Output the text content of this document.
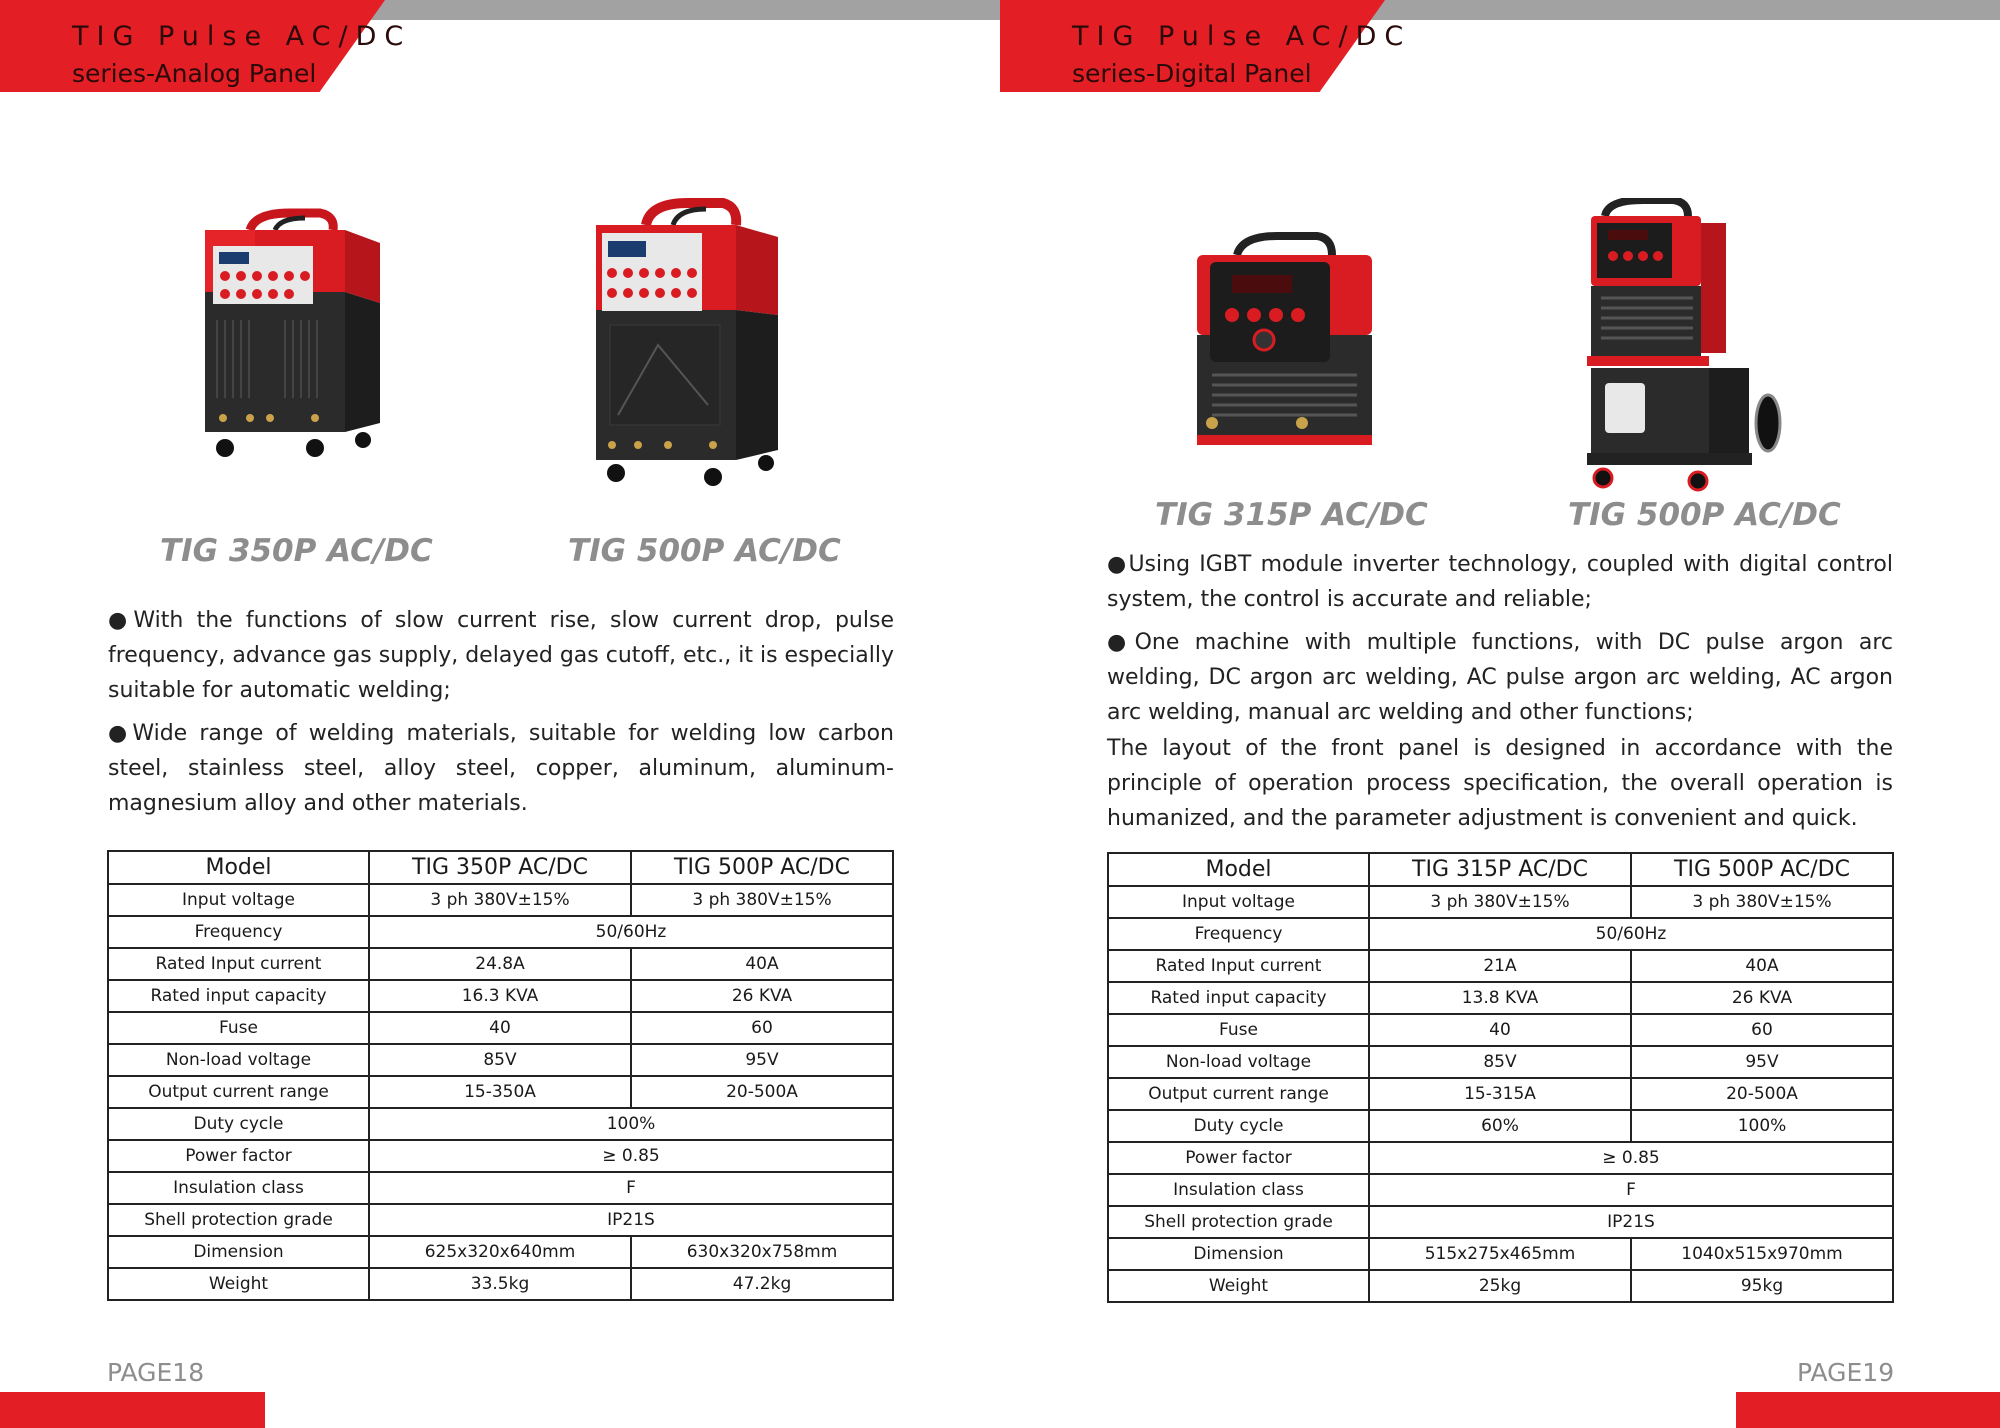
TIG Pulse AC/DC
series-Analog Panel
TIG 350P AC/DC	TIG 500P AC/DC
●With the functions of slow current rise, slow current drop, pulse frequency, advance gas supply, delayed gas cutoff, etc., it is especially suitable for automatic welding;
●Wide range of welding materials, suitable for welding low carbon steel, stainless steel, alloy steel, copper, aluminum, aluminum-magnesium alloy and other materials.
Model	TIG 350P AC/DC	TIG 500P AC/DC
Input voltage	3 ph 380V±15%	3 ph 380V±15%
Frequency	50/60Hz	
Rated Input current	24.8A	40A
Rated input capacity	16.3 KVA	26 KVA
Fuse	40	60
Non-load voltage	85V	95V
Output current range	15-350A	20-500A
Duty cycle	100%	
Power factor	≥ 0.85	
Insulation class	F	
Shell protection grade	IP21S	
Dimension	625x320x640mm	630x320x758mm
Weight	33.5kg	47.2kg
PAGE18
TIG Pulse AC/DC
series-Digital Panel
TIG 315P AC/DC	TIG 500P AC/DC
●Using IGBT module inverter technology, coupled with digital control system, the control is accurate and reliable;
●One machine with multiple functions, with DC pulse argon arc welding, DC argon arc welding, AC pulse argon arc welding, AC argon arc welding, manual arc welding and other functions;
The layout of the front panel is designed in accordance with the principle of operation process specification, the overall operation is humanized, and the parameter adjustment is convenient and quick.
Model	TIG 315P AC/DC	TIG 500P AC/DC
Input voltage	3 ph 380V±15%	3 ph 380V±15%
Frequency	50/60Hz	
Rated Input current	21A	40A
Rated input capacity	13.8 KVA	26 KVA
Fuse	40	60
Non-load voltage	85V	95V
Output current range	15-315A	20-500A
Duty cycle	60%	100%
Power factor	≥ 0.85	
Insulation class	F	
Shell protection grade	IP21S	
Dimension	515x275x465mm	1040x515x970mm
Weight	25kg	95kg
PAGE19
